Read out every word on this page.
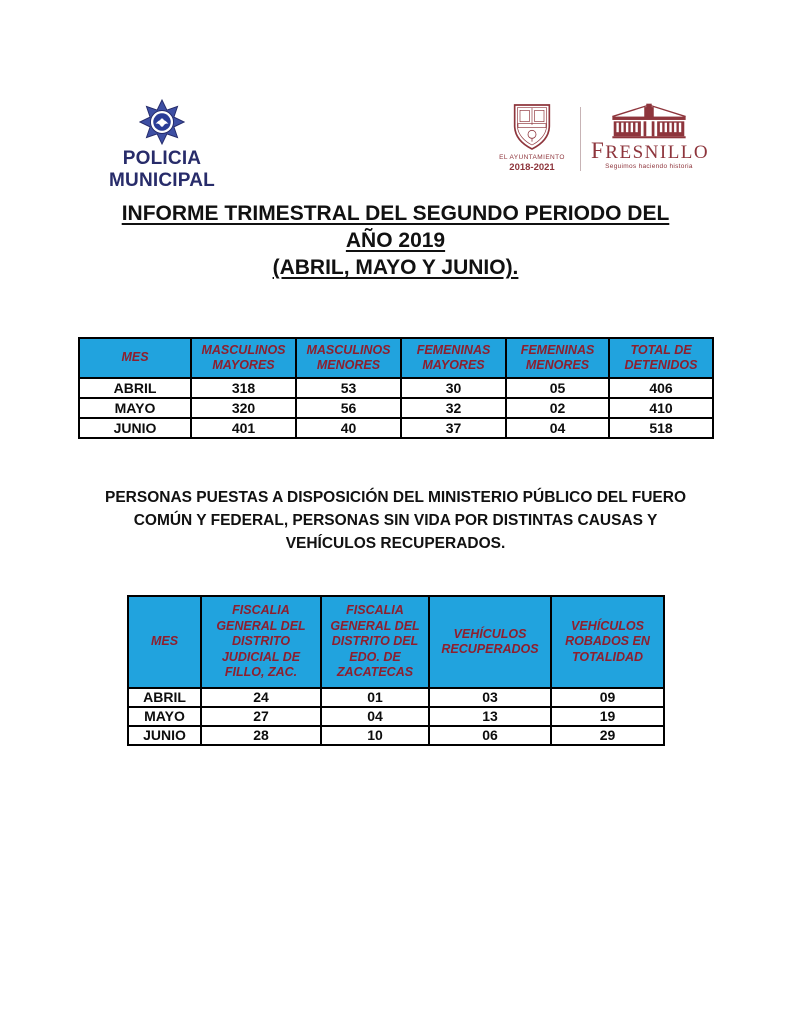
POLICIA
MUNICIPAL
EL AYUNTAMIENTO
2018-2021
FRESNILLO
Seguimos haciendo historia
INFORME TRIMESTRAL DEL SEGUNDO PERIODO DEL
AÑO 2019
(ABRIL, MAYO Y JUNIO).
MES	MASCULINOS MAYORES	MASCULINOS MENORES	FEMENINAS MAYORES	FEMENINAS MENORES	TOTAL DE DETENIDOS
ABRIL	318	53	30	05	406
MAYO	320	56	32	02	410
JUNIO	401	40	37	04	518

PERSONAS PUESTAS A DISPOSICIÓN DEL MINISTERIO PÚBLICO DEL FUERO
COMÚN Y FEDERAL, PERSONAS SIN VIDA POR DISTINTAS CAUSAS Y
VEHÍCULOS RECUPERADOS.

MES	FISCALIA GENERAL DEL DISTRITO JUDICIAL DE FILLO, ZAC.	FISCALIA GENERAL DEL DISTRITO DEL EDO. DE ZACATECAS	VEHÍCULOS RECUPERADOS	VEHÍCULOS ROBADOS EN TOTALIDAD
ABRIL	24	01	03	09
MAYO	27	04	13	19
JUNIO	28	10	06	29
